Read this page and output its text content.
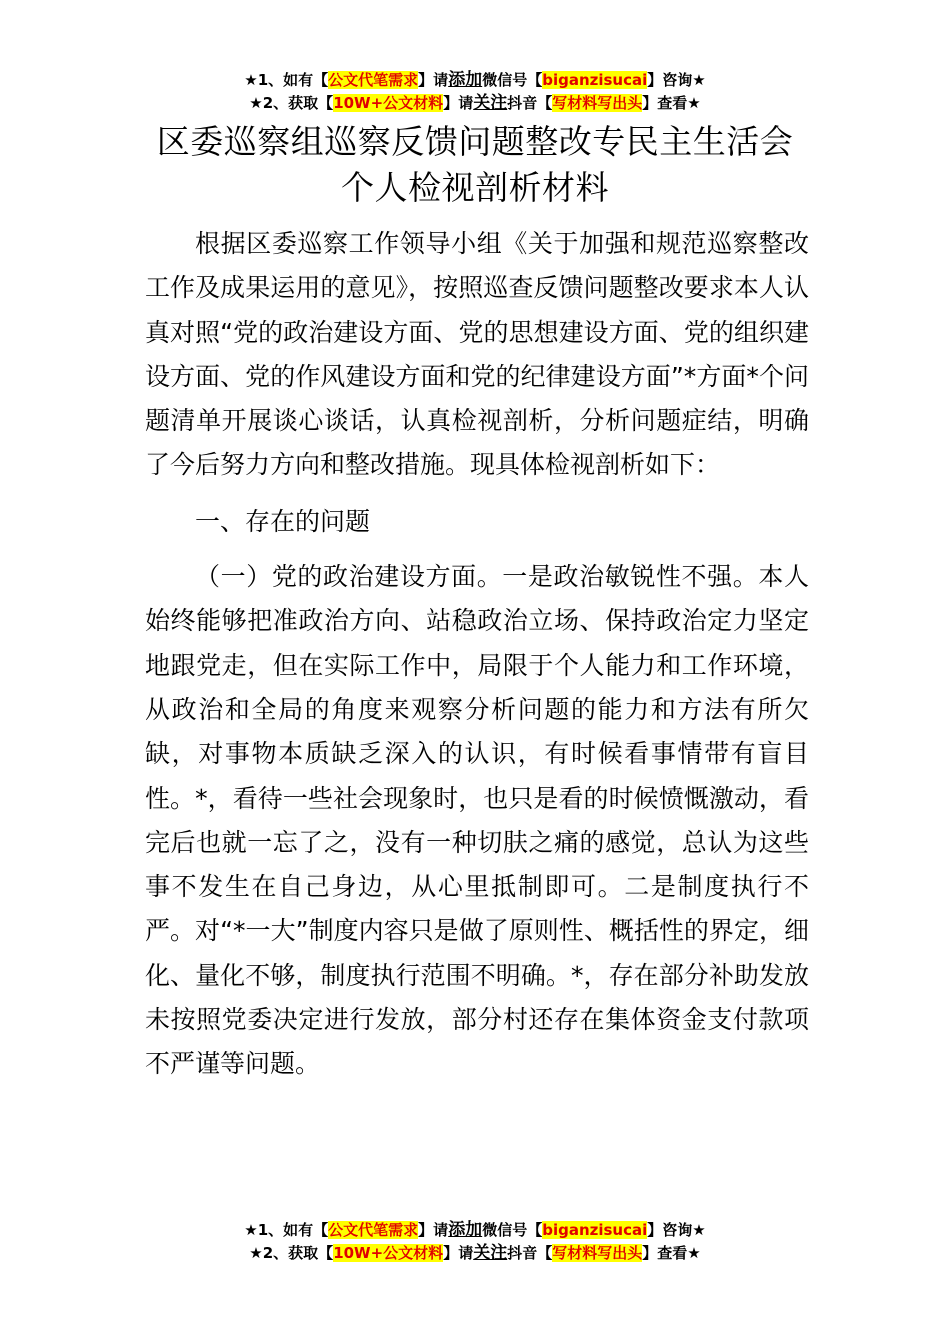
★1、如有【公文代笔需求】请添加微信号【biganzisucai】咨询★
★2、获取【10W+公文材料】请关注抖音【写材料写出头】查看★
区委巡察组巡察反馈问题整改专民主生活会
个人检视剖析材料

根据区委巡察工作领导小组《关于加强和规范巡察整改工作及成果运用的意见》，按照巡查反馈问题整改要求本人认真对照“党的政治建设方面、党的思想建设方面、党的组织建设方面、党的作风建设方面和党的纪律建设方面”*方面*个问题清单开展谈心谈话，认真检视剖析，分析问题症结，明确了今后努力方向和整改措施。现具体检视剖析如下：

一、存在的问题

（一）党的政治建设方面。一是政治敏锐性不强。本人始终能够把准政治方向、站稳政治立场、保持政治定力坚定地跟党走，但在实际工作中，局限于个人能力和工作环境，从政治和全局的角度来观察分析问题的能力和方法有所欠缺，对事物本质缺乏深入的认识，有时候看事情带有盲目性。*，看待一些社会现象时，也只是看的时候愤慨激动，看完后也就一忘了之，没有一种切肤之痛的感觉，总认为这些事不发生在自己身边，从心里抵制即可。二是制度执行不严。对“*一大”制度内容只是做了原则性、概括性的界定，细化、量化不够，制度执行范围不明确。*，存在部分补助发放未按照党委决定进行发放，部分村还存在集体资金支付款项不严谨等问题。

★1、如有【公文代笔需求】请添加微信号【biganzisucai】咨询★
★2、获取【10W+公文材料】请关注抖音【写材料写出头】查看★
